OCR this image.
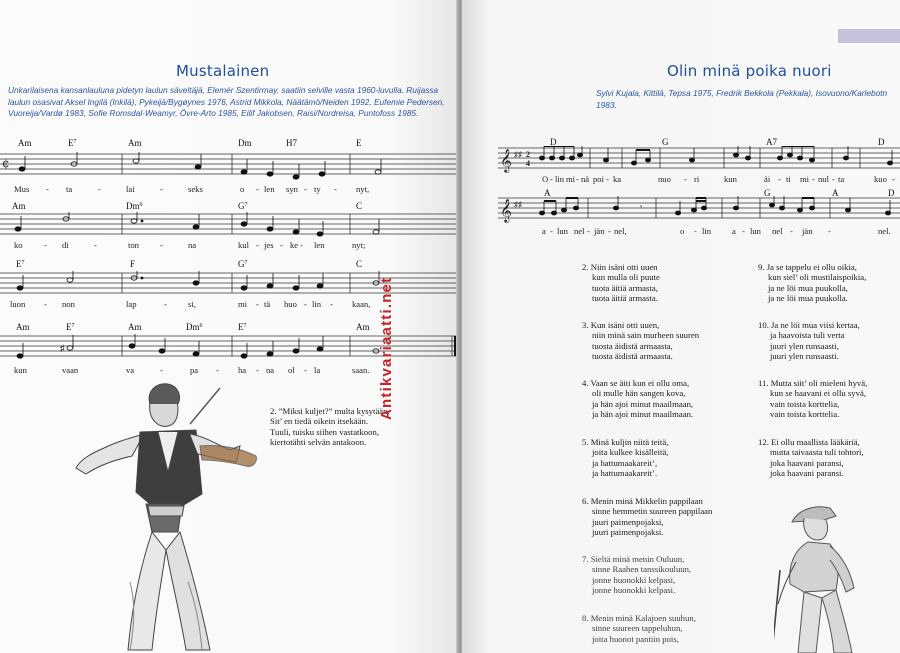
Mustalainen
Unkarilaisena kansanlauluna pidetyn laulun säveltäjä, Elemér Szentirmay, saatiin selville vasta 1960-luvulla. Ruijassa
laulun osasivat Aksel Ingilä (Inkilä), Pykeijä/Bygøynes 1976, Astrid Mikkola, Näätämö/Neiden 1992, Eufemie Pedersen,
Vuoreija/Vardø 1983, Sofie Romsdal-Weamyr, Övre-Arto 1985, Eilif Jakobsen, Raisi/Nordreisa, Puntofoss 1985.
Am	$E^7$	Am	Dm	H7	E
¢
Mus - ta	-	lai	-	seks	o - len syn - ty - nyt,
Am	Dm$^6$	$G^7$	C
ko - di	-	ton -	na	kul - jes - ke - len	nyt;
$E^7$	F	$G^7$	C
luon - non	lap	- si,	mi - tä huo - lin - kaan,
Am	$E^7$	Am	Dm$^6$	$E^7$	Am
♯
kun	vaan	va	-	pa - ha - na ol - la	saan.
2. ”Miksi kuljet?” multa kysytään.
Sit’ en tiedä oikein itsekään.
Tuuli, tuisku siihen vastatkoon,
kiertotähti selvän antakoon.
Olin minä poika nuori
Sylvi Kujala, Kittilä, Tepsa 1975, Fredrik Bekkola (Pekkala), Isovuono/Karlebotn 1983.
D	G	A7	D
𝄞 ♯♯ 2
4
O - lin mi - nä poi - ka	nuo - ri	kun	äi - ti mi - nul - ta	kuo -
A	G	A	D
𝄞 ♯♯	𝄾
a - lun nel - jän - nel,	o - lin a - lun nel - jän -	nel.
2. Niin isäni otti uuen
kun mulla oli puute
tuota äitiä armasta,
tuota äitiä armasta.
3. Kun isäni otti uuen,
niin minä sain murheen suuren
tuosta äidistä armaasta,
tuosta äidistä armaasta.
4. Vaan se äiti kun ei ollu oma,
oli mulle hän sangen kova,
ja hän ajoi minut maailmaan,
ja hän ajoi minut maailmaan.
5. Minä kuljin niitä teitä,
joita kulkee kisälleitä,
ja hattumaakareit’,
ja hattumaakareit’.
6. Menin minä Mikkelin pappilaan
sinne hemmetin suureen pappilaan
juuri paimenpojaksi,
juuri paimenpojaksi.
7. Sieltä minä menin Ouluun,
sinne Raahen tanssikouluun,
jonne huonokki kelpasi,
jonne huonokki kelpasi.
8. Menin minä Kalajoen suuhun,
sinne suureen tappeluhun,
joita huonot pantiin pois,
9. Ja se tappelu ei ollu oikia,
kun siel’ oli mustilaispoikia,
ja ne löi mua puukolla,
ja ne löi mua puukolla.
10. Ja ne löi mua viisi kertaa,
ja haavoista tuli verta
juuri ylen runsaasti,
juuri ylen runsaasti.
11. Mutta siit’ oli mieleni hyvä,
kun se haavani ei ollu syvä,
vain toista korttelia,
vain toista korttelia.
12. Ei ollu maallista lääkäriä,
mutta taivaasta tuli tohtori,
joka haavani paransi,
joka haavani paransi.
Antikvariaatti.net
